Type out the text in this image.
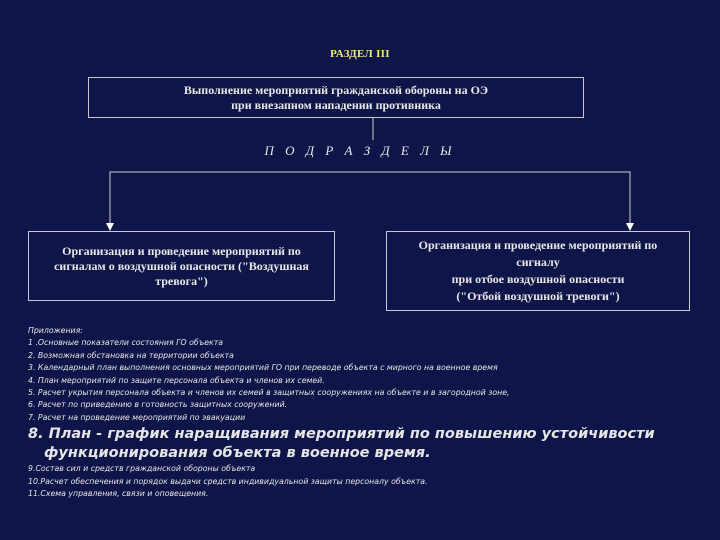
РАЗДЕЛ III
Выполнение мероприятий гражданской обороны на ОЭ
при внезапном нападении противника
П О Д Р А З Д Е Л Ы
Организация и проведение мероприятий по
сигналам о воздушной опасности ("Воздушная
тревога")
Организация и проведение мероприятий по
сигналу
при отбое воздушной опасности
("Отбой воздушной тревоги")
Приложения:
1 .Основные показатели состояния ГО объекта
2. Возможная обстановка на территории объекта
3. Календарный план выполнения основных мероприятий ГО при переводе объекта с мирного на военное время
4. План мероприятий по защите персонала объекта и членов их семей.
5. Расчет укрытия персонала объекта и членов их семей в защитных сооружениях на объекте и в загородной зоне,
6. Расчет по приведению в готовность защитных сооружений.
7. Расчет на проведение мероприятий по эвакуации
8. План - график наращивания мероприятий по повышению устойчивости
функционирования объекта в военное время.
9.Состав сил и средств гражданской обороны объекта
10.Расчет обеспечения и порядок выдачи средств индивидуальной защиты персоналу объекта.
11.Схема управления, связи и оповещения.
